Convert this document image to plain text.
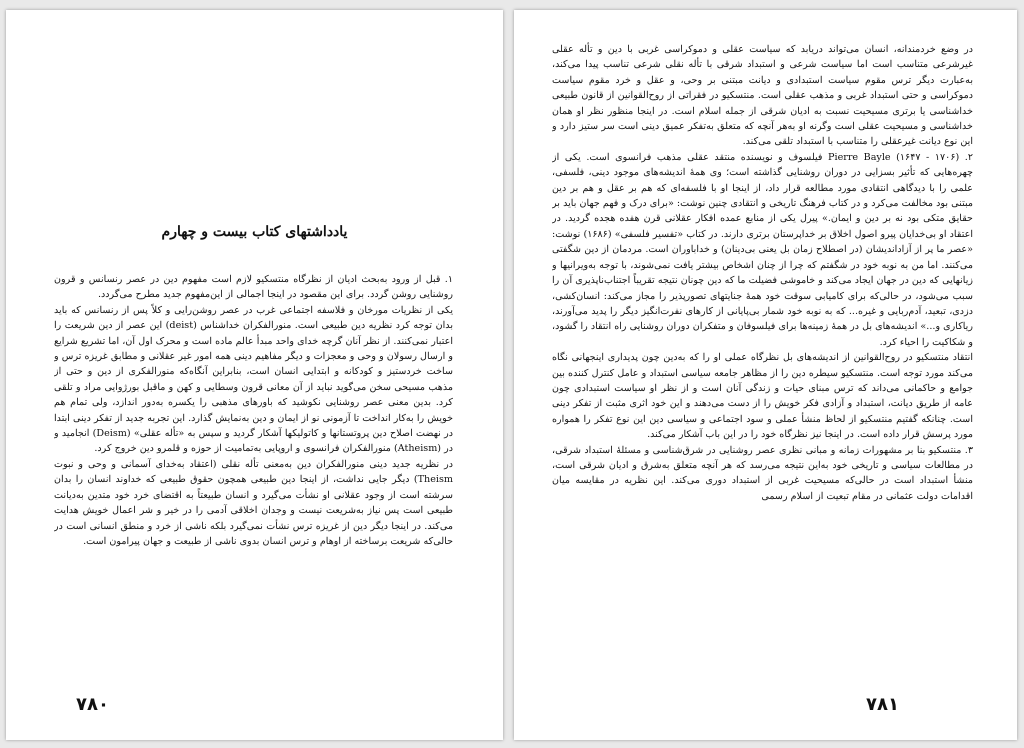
یادداشتهای کتاب بیست و چهارم

۱. قبل از ورود به‌بحث ادیان از نظرگاه منتسکیو لازم است مفهوم دین در عصر رنسانس و قرون روشنایی روشن گردد. برای این مقصود در اینجا اجمالی از این‌مفهوم جدید مطرح می‌گردد.

یکی از نظریات مورخان و فلاسفه اجتماعی غرب در عصر روشن‌رایی و کلاً پس از رنسانس که باید بدان توجه کرد نظریه دین طبیعی است. منورالفکران خداشناس (deist) این عصر از دین شریعت را اعتبار نمی‌کنند. از نظر آنان گرچه خدای واحد مبدأ عالم ماده است و محرک اول آن، اما تشریع شرایع و ارسال رسولان و وحی و معجزات و دیگر مفاهیم دینی همه امور غیر عقلانی و مطابق غریزه ترس و ساخت خردستیز و کودکانه و ابتدایی انسان است، بنابراین آنگاه‌که منورالفکری از دین و حتی از مذهب مسیحی سخن می‌گوید نباید از آن معانی قرون وسطایی و کهن و ماقبل بورژوایی مراد و تلقی کرد. بدین معنی عصر روشنایی نکوشید که باورهای مذهبی را یکسره به‌دور اندازد، ولی تمام هم خویش را به‌کار انداخت تا آزمونی نو از ایمان و دین به‌نمایش گذارد. این تجربه جدید از تفکر دینی ابتدا در نهضت اصلاح دین پروتستانها و کاتولیکها آشکار گردید و سپس به «تأله عقلی» (Deism) انجامید و در (Atheism) منورالفکران فرانسوی و اروپایی به‌تمامیت از حوزه و قلمرو دین خروج کرد.

در نظریه جدید دینی منورالفکران دین به‌معنی تأله نقلی (اعتقاد به‌خدای آسمانی و وحی و نبوت Theism) دیگر جایی نداشت، از اینجا دین طبیعی همچون حقوق طبیعی که خداوند انسان را بدان سرشته است از وجود عقلانی او نشأت می‌گیرد و انسان طبیعتاً به اقتضای خرد خود متدین به‌دیانت طبیعی است پس نیاز به‌شریعت نیست و وجدان اخلاقی آدمی را در خیر و شر اعمال خویش هدایت می‌کند. در اینجا دیگر دین از غریزه ترس نشأت نمی‌گیرد بلکه ناشی از خرد و منطق انسانی است در حالی‌که شریعت برساخته از اوهام و ترس انسان بدوی ناشی از طبیعت و جهان پیرامون است.

۷۸۰

در وضع خردمندانه، انسان می‌تواند دریابد که سیاست عقلی و دموکراسی غربی با دین و تأله عقلی غیرشرعی متناسب است اما سیاست شرعی و استبداد شرقی با تأله نقلی شرعی تناسب پیدا می‌کند، به‌عبارت دیگر ترس مقوم سیاست استبدادی و دیانت مبتنی بر وحی، و عقل و خرد مقوم سیاست دموکراسی و حتی استبداد غربی و مذهب عقلی است. منتسکیو در فقراتی از روح‌القوانین از قانون طبیعی خداشناسی یا برتری مسیحیت نسبت به ادیان شرقی از جمله اسلام است. در اینجا منظور نظر او همان خداشناسی و مسیحیت عقلی است وگرنه او به‌هر آنچه که متعلق به‌تفکر عمیق دینی است سر ستیز دارد و این نوع دیانت غیرعقلی را متناسب با استبداد تلقی می‌کند.

۲. Pierre Bayle (۱۶۴۷ - ۱۷۰۶) فیلسوف و نویسنده منتقد عقلی مذهب فرانسوی است. یکی از چهره‌هایی که تأثیر بسزایی در دوران روشنایی گذاشته است؛ وی همهٔ اندیشه‌های موجود دینی، فلسفی، علمی را با دیدگاهی انتقادی مورد مطالعه قرار داد، از اینجا او با فلسفه‌ای که هم بر عقل و هم بر دین مبتنی بود مخالفت می‌کرد و در کتاب فرهنگ تاریخی و انتقادی چنین نوشت: «برای درک و فهم جهان باید بر حقایق متکی بود نه بر دین و ایمان.» پیرل یکی از منابع عمده افکار عقلانی قرن هفده هجده گردید. در اعتقاد او بی‌خدایان پیرو اصول اخلاق بر خداپرستان برتری دارند. در کتاب «تفسیر فلسفی» (۱۶۸۶) نوشت: «عصر ما پر از آزاداندیشان (در اصطلاح زمان بل یعنی بی‌دینان) و خداباوران است. مردمان از دین شگفتی می‌کنند. اما من به نوبه خود در شگفتم که چرا از چنان اشخاص بیشتر یافت نمی‌شوند، با توجه به‌ویرانیها و زیانهایی که دین در جهان ایجاد می‌کند و خاموشی فضیلت ما که دین چونان نتیجه تقریباً اجتناب‌ناپذیری آن را سبب می‌شود، در حالی‌که برای کامیابی سوقت خود همهٔ جنایتهای تصورپذیر را مجاز می‌کند: انسان‌کشی، دزدی، تبعید، آدم‌ربایی و غیره... که به نوبه خود شمار بی‌پایانی از کارهای نفرت‌انگیز دیگر را پدید می‌آورند، ریاکاری و...» اندیشه‌های بل در همهٔ زمینه‌ها برای فیلسوفان و متفکران دوران روشنایی راه انتقاد را گشود، و شکاکیت را احیاء کرد.

انتقاد منتسکیو در روح‌القوانین از اندیشه‌های بل نظرگاه عملی او را که به‌دین چون پدیداری اینجهانی نگاه می‌کند مورد توجه است. منتسکیو سیطره دین را از مظاهر جامعه سیاسی استبداد و عامل کنترل کننده بین جوامع و حاکمانی می‌داند که ترس مبنای حیات و زندگی آنان است و از نظر او سیاست استبدادی چون عامه از طریق دیانت، استبداد و آزادی فکر خویش را از دست می‌دهند و این خود اثری مثبت از تفکر دینی است. چنانکه گفتیم منتسکیو از لحاظ منشأ عملی و سود اجتماعی و سیاسی دین این نوع تفکر را همواره مورد پرسش قرار داده است. در اینجا نیز نظرگاه خود را در این باب آشکار می‌کند.

۳. منتسکیو بنا بر مشهورات زمانه و مبانی نظری عصر روشنایی در شرق‌شناسی و مسئلهٔ استبداد شرقی، در مطالعات سیاسی و تاریخی خود به‌این نتیجه می‌رسد که هر آنچه متعلق به‌شرق و ادیان شرقی است، منشأ استبداد است در حالی‌که مسیحیت غربی از استبداد دوری می‌کند. این نظریه در مقایسه میان اقدامات دولت عثمانی در مقام تبعیت از اسلام رسمی

۷۸۱
